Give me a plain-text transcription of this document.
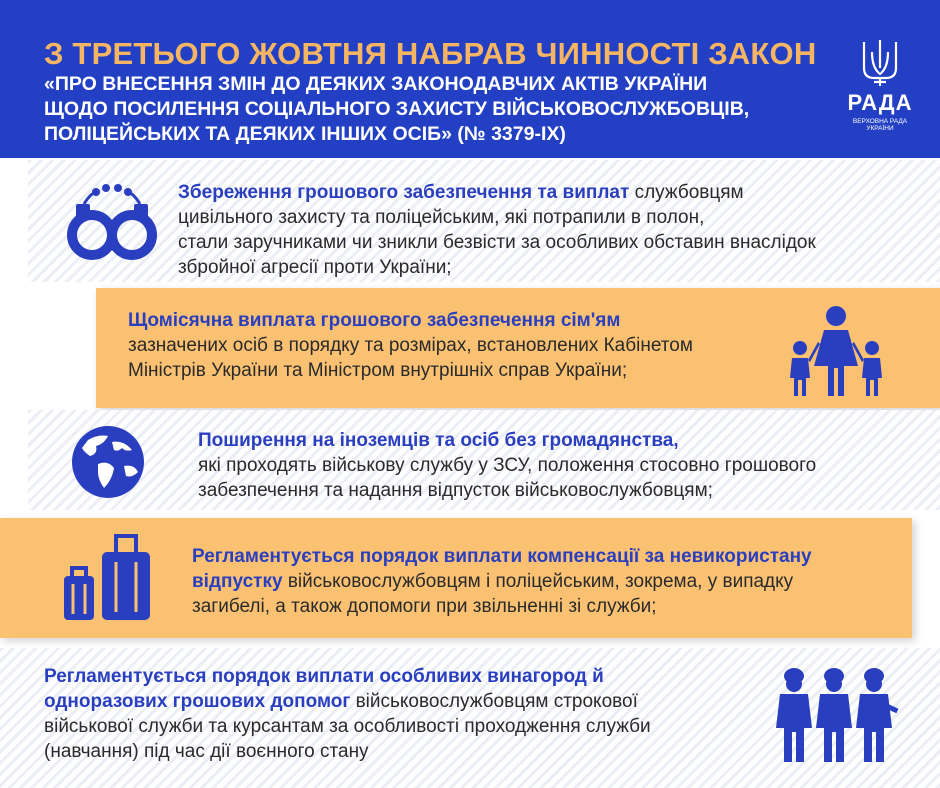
З ТРЕТЬОГО ЖОВТНЯ НАБРАВ ЧИННОСТІ ЗАКОН
«ПРО ВНЕСЕННЯ ЗМІН ДО ДЕЯКИХ ЗАКОНОДАВЧИХ АКТІВ УКРАЇНИ
ЩОДО ПОСИЛЕННЯ СОЦІАЛЬНОГО ЗАХИСТУ ВІЙСЬКОВОСЛУЖБОВЦІВ,
ПОЛІЦЕЙСЬКИХ ТА ДЕЯКИХ ІНШИХ ОСІБ» (№ 3379-IX)
РАДА
ВЕРХОВНА РАДА
УКРАЇНИ
Збереження грошового забезпечення та виплат службовцям
цивільного захисту та поліцейським, які потрапили в полон,
стали заручниками чи зникли безвісти за особливих обставин внаслідок
збройної агресії проти України;
Щомісячна виплата грошового забезпечення сім'ям
зазначених осіб в порядку та розмірах, встановлених Кабінетом
Міністрів України та Міністром внутрішніх справ України;
Поширення на іноземців та осіб без громадянства,
які проходять військову службу у ЗСУ, положення стосовно грошового
забезпечення та надання відпусток військовослужбовцям;
Регламентується порядок виплати компенсації за невикористану
відпустку військовослужбовцям і поліцейським, зокрема, у випадку
загибелі, а також допомоги при звільненні зі служби;
Регламентується порядок виплати особливих винагород й
одноразових грошових допомог військовослужбовцям строкової
військової служби та курсантам за особливості проходження служби
(навчання) під час дії воєнного стану
